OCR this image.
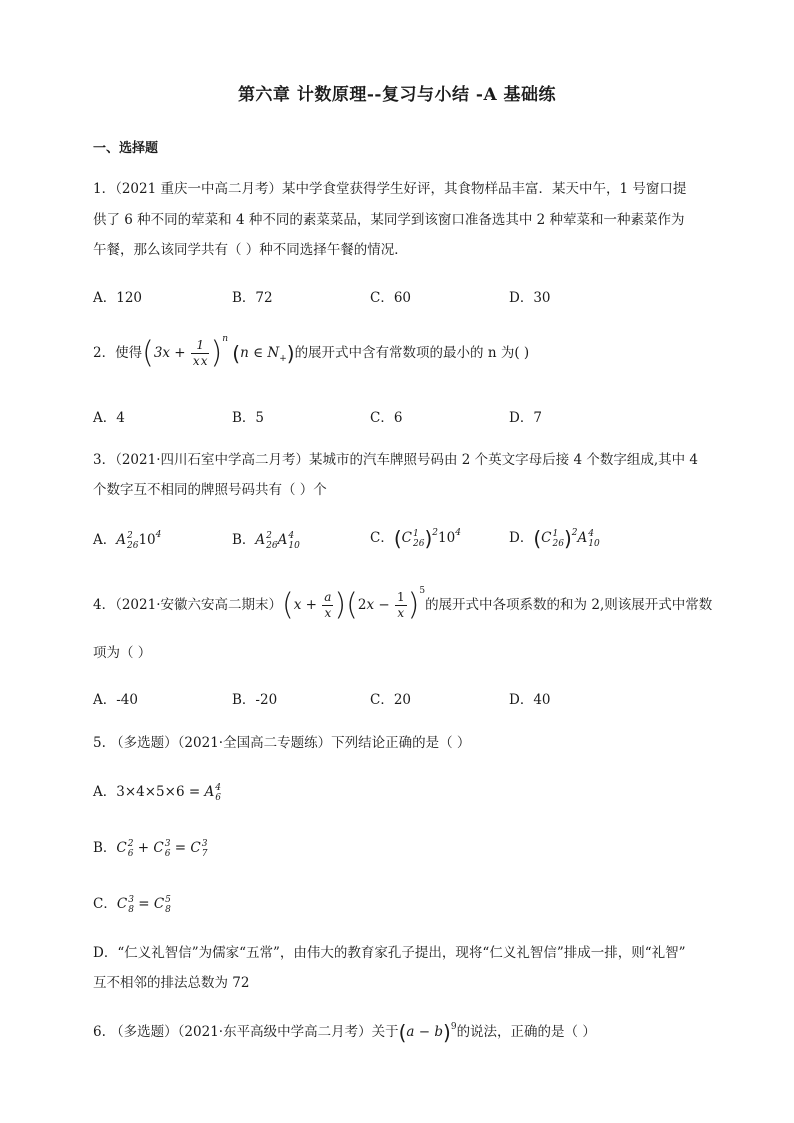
第六章 计数原理--复习与小结 -A 基础练
一、选择题
1．（2021 重庆一中高二月考）某中学食堂获得学生好评，其食物样品丰富．某天中午，1 号窗口提
供了 6 种不同的荤菜和 4 种不同的素菜菜品，某同学到该窗口准备选其中 2 种荤菜和一种素菜作为
午餐，那么该同学共有（ ）种不同选择午餐的情况．
A．120	B．72	C．60	D．30
2．使得$(3x + \frac{1}{xx} )^n$ (n ∈ $N_+$)的展开式中含有常数项的最小的 n 为( )
A．4	B．5	C．6	D．7
3．（2021·四川石室中学高二月考）某城市的汽车牌照号码由 2 个英文字母后接 4 个数字组成,其中 4
个数字互不相同的牌照号码共有（ ）个
A．A 2
26 $10^4$	B．A 2
26 A 4
10	C．(C 1
26 )$^210^4$	D．(C 1
26 )$^2$A 4
10
4．（2021·安徽六安高二期末）$(x + \frac{a}{x} )(2x - \frac{1}{x} )^5$的展开式中各项系数的和为 2,则该展开式中常数
项为（ ）
A．-40	B．-20	C．20	D．40
5. （多选题）（2021·全国高二专题练）下列结论正确的是（ ）
A．3×4×5×6 = A 4
6
B．C 2
6 + C 3
6 = C 3
7
C．C 3
8 = C 5
8
D．“仁义礼智信”为儒家“五常”，由伟大的教育家孔子提出，现将“仁义礼智信”排成一排，则“礼智”
互不相邻的排法总数为 72
6. （多选题）（2021·东平高级中学高二月考）关于$(a - b)^9$的说法，正确的是（ ）
